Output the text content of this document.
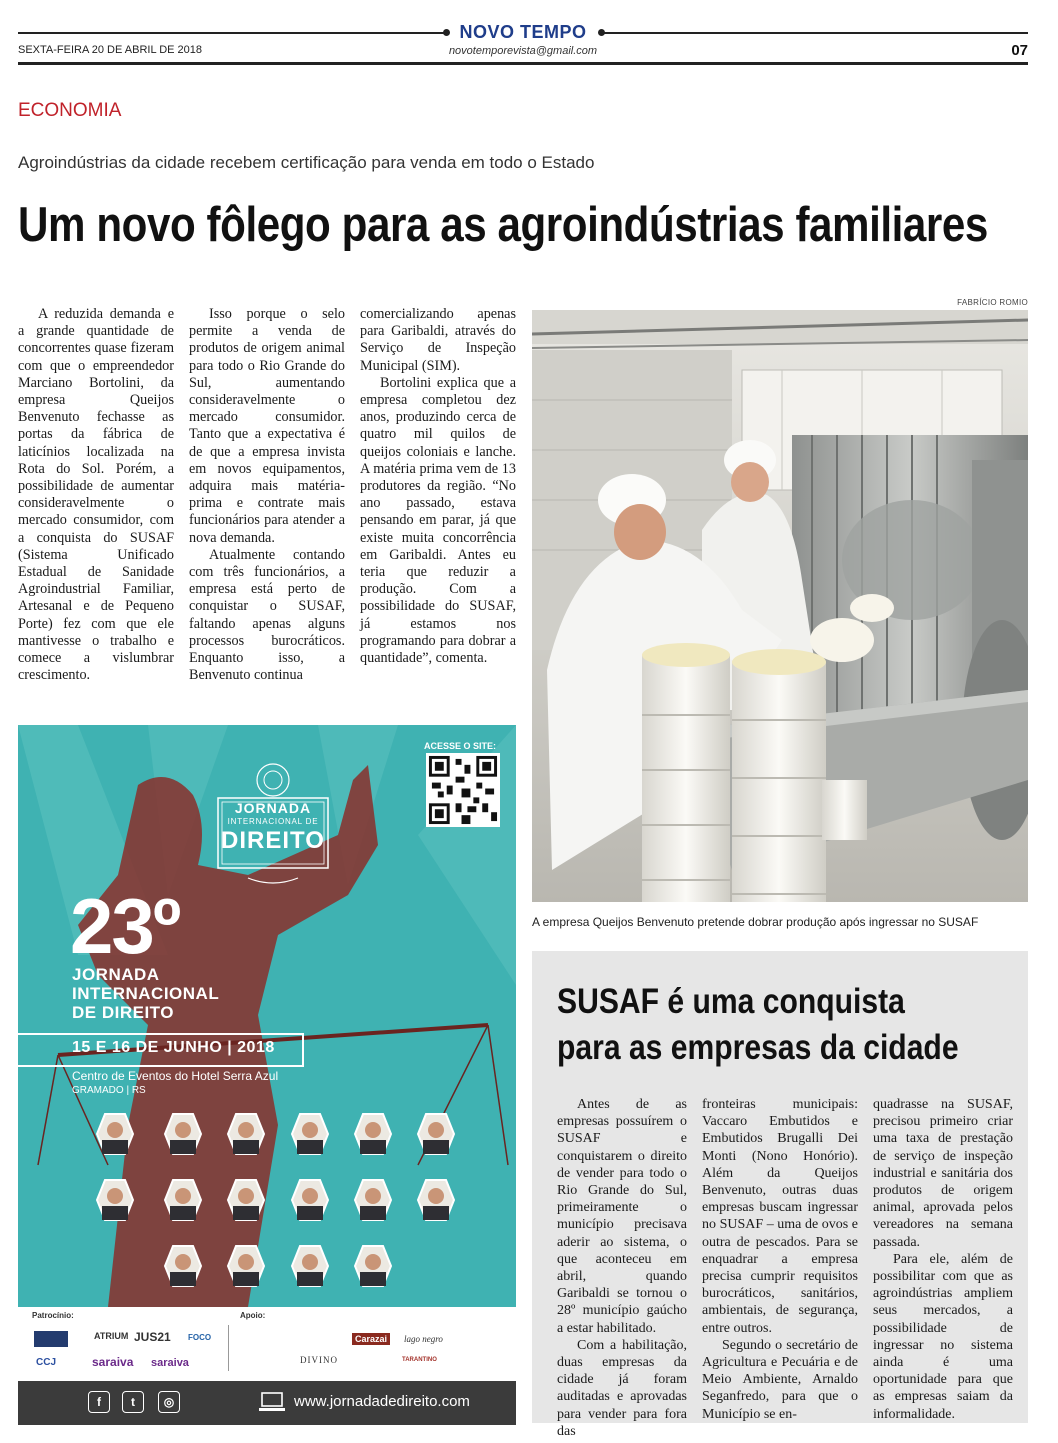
NOVO TEMPO
SEXTA-FEIRA 20 DE ABRIL DE 2018	novotemporevista@gmail.com	07
ECONOMIA
Agroindústrias da cidade recebem certificação para venda em todo o Estado
Um novo fôlego para as agroindústrias familiares

A reduzida demanda e a grande quantidade de concorrentes quase fizeram com que o empreendedor Marciano Bortolini, da empresa Queijos Benvenuto fechasse as portas da fábrica de laticínios localizada na Rota do Sol. Porém, a possibilidade de aumentar consideravelmente o mercado consumidor, com a conquista do SUSAF (Sistema Unificado Estadual de Sanidade Agroindustrial Familiar, Artesanal e de Pequeno Porte) fez com que ele mantivesse o trabalho e comece a vislumbrar crescimento.

Isso porque o selo permite a venda de produtos de origem animal para todo o Rio Grande do Sul, aumentando consideravelmente o mercado consumidor. Tanto que a expectativa é de que a empresa invista em novos equipamentos, adquira mais matéria-prima e contrate mais funcionários para atender a nova demanda.

Atualmente contando com três funcionários, a empresa está perto de conquistar o SUSAF, faltando apenas alguns processos burocráticos. Enquanto isso, a Benvenuto continua

comercializando apenas para Garibaldi, através do Serviço de Inspeção Municipal (SIM).

Bortolini explica que a empresa completou dez anos, produzindo cerca de quatro mil quilos de queijos coloniais e lanche. A matéria prima vem de 13 produtores da região. “No ano passado, estava pensando em parar, já que existe muita concorrência em Garibaldi. Antes eu teria que reduzir a produção. Com a possibilidade do SUSAF, já estamos nos programando para dobrar a quantidade”, comenta.

FABRÍCIO ROMIO
A empresa Queijos Benvenuto pretende dobrar produção após ingressar no SUSAF
ACESSE O SITE:
JORNADA
INTERNACIONAL DE
DIREITO
23º
JORNADA
INTERNACIONAL
DE DIREITO
15 E 16 DE JUNHO | 2018
Centro de Eventos do Hotel Serra Azul
GRAMADO | RS
Patrocínio:	Apoio:
ATRIUM JUS21 FOCO
CCJ	saraiva saraiva
Carazai	lago negro
DIVINO	TARANTINO
f	t	◎	www.jornadadedireito.com
SUSAF é uma conquista
para as empresas da cidade

Antes de as empresas possuírem o SUSAF e conquistarem o direito de vender para todo o Rio Grande do Sul, primeiramente o município precisava aderir ao sistema, o que aconteceu em abril, quando Garibaldi se tornou o 28º município gaúcho a estar habilitado.

Com a habilitação, duas empresas da cidade já foram auditadas e aprovadas para vender para fora das

fronteiras municipais: Vaccaro Embutidos e Embutidos Brugalli Dei Monti (Nono Honório). Além da Queijos Benvenuto, outras duas empresas buscam ingressar no SUSAF – uma de ovos e outra de pescados. Para se enquadrar a empresa precisa cumprir requisitos burocráticos, sanitários, ambientais, de segurança, entre outros.

Segundo o secretário de Agricultura e Pecuária e de Meio Ambiente, Arnaldo Seganfredo, para que o Município se en-

quadrasse na SUSAF, precisou primeiro criar uma taxa de prestação de serviço de inspeção industrial e sanitária dos produtos de origem animal, aprovada pelos vereadores na semana passada.

Para ele, além de possibilitar com que as agroindústrias ampliem seus mercados, a possibilidade de ingressar no sistema ainda é uma oportunidade para que as empresas saiam da informalidade.
